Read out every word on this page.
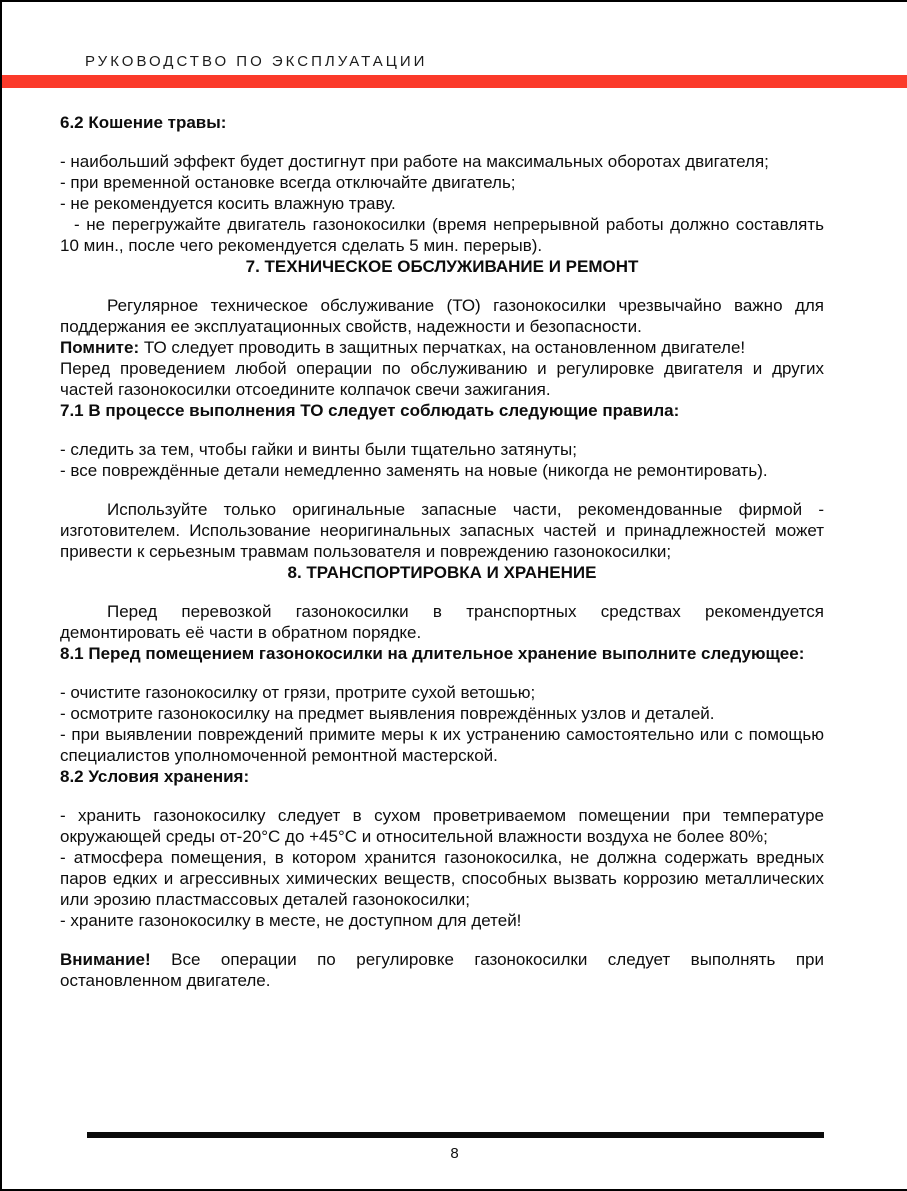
РУКОВОДСТВО ПО ЭКСПЛУАТАЦИИ

6.2 Кошение травы:

- наибольший эффект будет достигнут при работе на максимальных оборотах двигателя;

- при временной остановке всегда отключайте двигатель;

- не рекомендуется косить влажную траву.

- не перегружайте двигатель газонокосилки (время непрерывной работы должно составлять 10 мин., после чего рекомендуется сделать 5 мин. перерыв).

7. ТЕХНИЧЕСКОЕ ОБСЛУЖИВАНИЕ И РЕМОНТ

Регулярное техническое обслуживание (ТО) газонокосилки чрезвычайно важно для поддержания ее эксплуатационных свойств, надежности и безопасности.

Помните: ТО следует проводить в защитных перчатках, на остановленном двигателе!

Перед проведением любой операции по обслуживанию и регулировке двигателя и других частей газонокосилки отсоедините колпачок свечи зажигания.

7.1 В процессе выполнения ТО следует соблюдать следующие правила:

- следить за тем, чтобы гайки и винты были тщательно затянуты;

- все повреждённые детали немедленно заменять на новые (никогда не ремонтировать).

Используйте только оригинальные запасные части, рекомендованные фирмой - изготовителем. Использование неоригинальных запасных частей и принадлежностей может привести к серьезным травмам пользователя и повреждению газонокосилки;

8. ТРАНСПОРТИРОВКА И ХРАНЕНИЕ

Перед перевозкой газонокосилки в транспортных средствах рекомендуется демонтировать её части в обратном порядке.

8.1 Перед помещением газонокосилки на длительное хранение выполните следующее:

- очистите газонокосилку от грязи, протрите сухой ветошью;

- осмотрите газонокосилку на предмет выявления повреждённых узлов и деталей.

- при выявлении повреждений примите меры к их устранению самостоятельно или с помощью специалистов уполномоченной ремонтной мастерской.

8.2 Условия хранения:

- хранить газонокосилку следует в сухом проветриваемом помещении при температуре окружающей среды от-20°С до +45°С и относительной влажности воздуха не более 80%;

- атмосфера помещения, в котором хранится газонокосилка, не должна содержать вредных паров едких и агрессивных химических веществ, способных вызвать коррозию металлических или эрозию пластмассовых деталей газонокосилки;

- храните газонокосилку в месте, не доступном для детей!

Внимание! Все операции по регулировке газонокосилки следует выполнять при остановленном двигателе.

8
